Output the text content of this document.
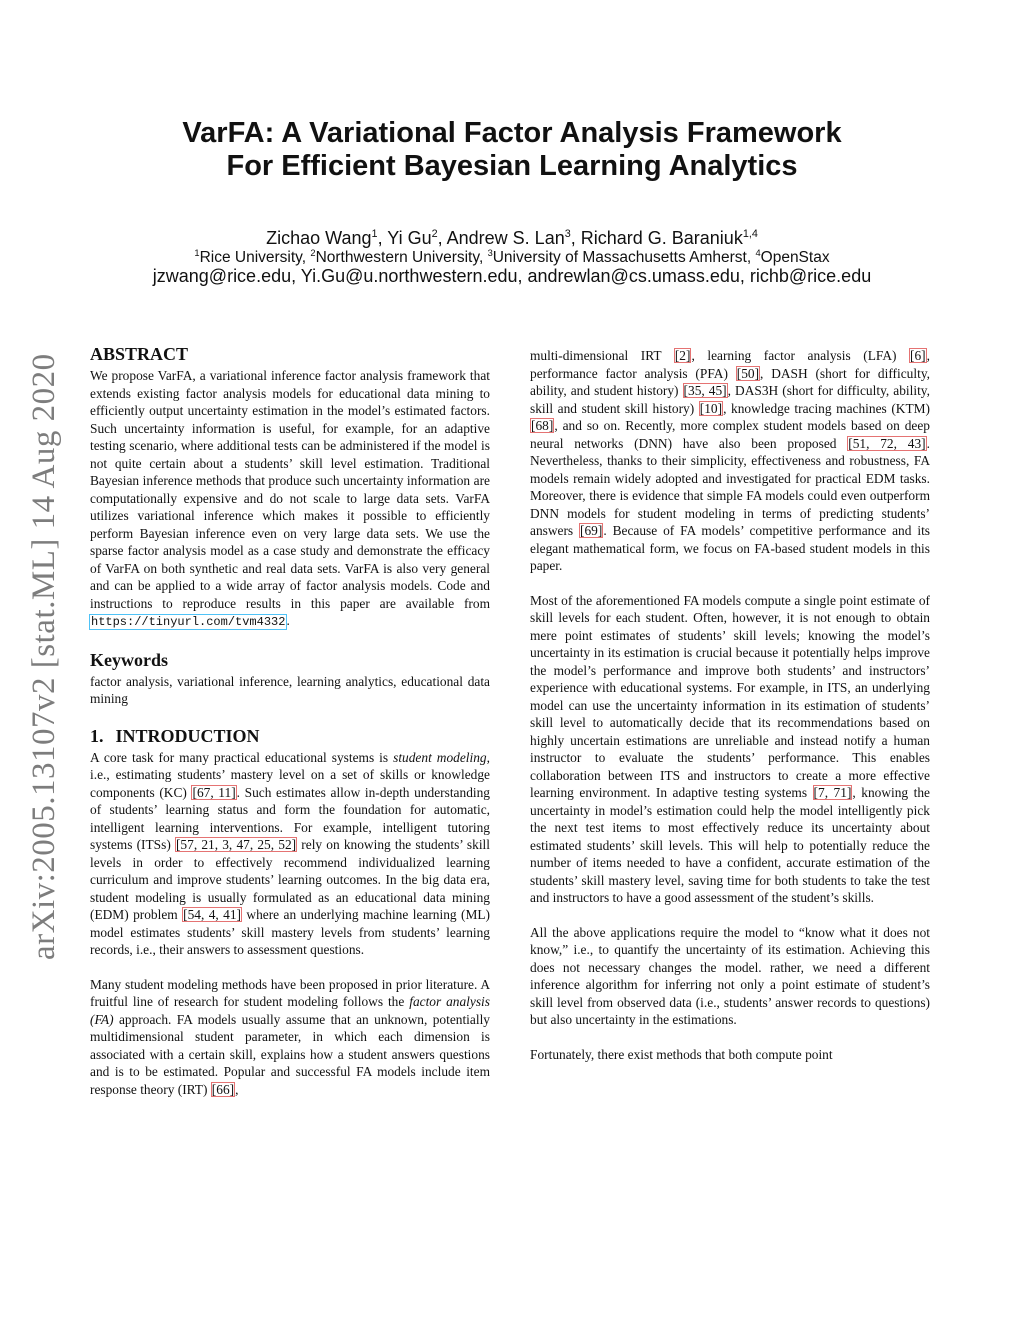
arXiv:2005.13107v2 [stat.ML] 14 Aug 2020
VarFA: A Variational Factor Analysis Framework
For Efficient Bayesian Learning Analytics
Zichao Wang$^1$, Yi Gu$^2$, Andrew S. Lan$^3$, Richard G. Baraniuk$^{1,4}$
$^1$Rice University, $^2$Northwestern University, $^3$University of Massachusetts Amherst, $^4$OpenStax
jzwang@rice.edu, Yi.Gu@u.northwestern.edu, andrewlan@cs.umass.edu, richb@rice.edu
ABSTRACT

We propose VarFA, a variational inference factor analysis framework that extends existing factor analysis models for educational data mining to efficiently output uncertainty estimation in the model’s estimated factors. Such uncertainty information is useful, for example, for an adaptive testing scenario, where additional tests can be administered if the model is not quite certain about a students’ skill level estimation. Traditional Bayesian inference methods that produce such uncertainty information are computationally expensive and do not scale to large data sets. VarFA utilizes variational inference which makes it possible to efficiently perform Bayesian inference even on very large data sets. We use the sparse factor analysis model as a case study and demonstrate the efficacy of VarFA on both synthetic and real data sets. VarFA is also very general and can be applied to a wide array of factor analysis models. Code and instructions to reproduce results in this paper are available from https://tinyurl.com/tvm4332.

Keywords

factor analysis, variational inference, learning analytics, educational data mining

1. INTRODUCTION

A core task for many practical educational systems is student modeling, i.e., estimating students’ mastery level on a set of skills or knowledge components (KC) [67, 11]. Such estimates allow in-depth understanding of students’ learning status and form the foundation for automatic, intelligent learning interventions. For example, intelligent tutoring systems (ITSs) [57, 21, 3, 47, 25, 52] rely on knowing the students’ skill levels in order to effectively recommend individualized learning curriculum and improve students’ learning outcomes. In the big data era, student modeling is usually formulated as an educational data mining (EDM) problem [54, 4, 41] where an underlying machine learning (ML) model estimates students’ skill mastery levels from students’ learning records, i.e., their answers to assessment questions.

Many student modeling methods have been proposed in prior literature. A fruitful line of research for student modeling follows the factor analysis (FA) approach. FA models usually assume that an unknown, potentially multidimensional student parameter, in which each dimension is associated with a certain skill, explains how a student answers questions and is to be estimated. Popular and successful FA models include item response theory (IRT) [66],

multi-dimensional IRT [2], learning factor analysis (LFA) [6], performance factor analysis (PFA) [50], DASH (short for difficulty, ability, and student history) [35, 45], DAS3H (short for difficulty, ability, skill and student skill history) [10], knowledge tracing machines (KTM) [68], and so on. Recently, more complex student models based on deep neural networks (DNN) have also been proposed [51, 72, 43]. Nevertheless, thanks to their simplicity, effectiveness and robustness, FA models remain widely adopted and investigated for practical EDM tasks. Moreover, there is evidence that simple FA models could even outperform DNN models for student modeling in terms of predicting students’ answers [69]. Because of FA models’ competitive performance and its elegant mathematical form, we focus on FA-based student models in this paper.

Most of the aforementioned FA models compute a single point estimate of skill levels for each student. Often, however, it is not enough to obtain mere point estimates of students’ skill levels; knowing the model’s uncertainty in its estimation is crucial because it potentially helps improve the model’s performance and improve both students’ and instructors’ experience with educational systems. For example, in ITS, an underlying model can use the uncertainty information in its estimation of students’ skill level to automatically decide that its recommendations based on highly uncertain estimations are unreliable and instead notify a human instructor to evaluate the students’ performance. This enables collaboration between ITS and instructors to create a more effective learning environment. In adaptive testing systems [7, 71], knowing the uncertainty in model’s estimation could help the model intelligently pick the next test items to most effectively reduce its uncertainty about estimated students’ skill levels. This will help to potentially reduce the number of items needed to have a confident, accurate estimation of the students’ skill mastery level, saving time for both students to take the test and instructors to have a good assessment of the student’s skills.

All the above applications require the model to “know what it does not know,” i.e., to quantify the uncertainty of its estimation. Achieving this does not necessary changes the model. rather, we need a different inference algorithm for inferring not only a point estimate of student’s skill level from observed data (i.e., students’ answer records to questions) but also uncertainty in the estimations.

Fortunately, there exist methods that both compute point
